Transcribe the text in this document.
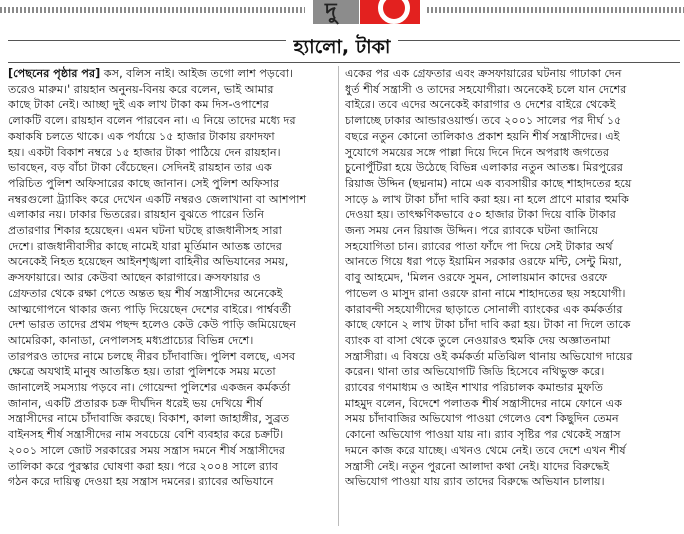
দু
হ্যালো, টাকা
[পেছনের পৃষ্ঠার পর] কস, বলিস নাই। আইজ তগো লাশ পড়বো।
তরেও মারুম।' রায়হান অনুনয়-বিনয় করে বলেন, ভাই আমার
কাছে টাকা নেই। আচ্ছা দুই এক লাখ টাকা কম দিস-ওপাশের
লোকটি বলে। রায়হান বলেন পারবেন না। এ নিয়ে তাদের মধ্যে দর
কষাকষি চলতে থাকে। এক পর্যায়ে ১৫ হাজার টাকায় রফাদফা
হয়। একটা বিকাশ নম্বরে ১৫ হাজার টাকা পাঠিয়ে দেন রায়হান।
ভাবছেন, বড় বাঁচা টাকা বেঁচেছেন। সেদিনই রায়হান তার এক
পরিচিত পুলিশ অফিসারের কাছে জানান। সেই পুলিশ অফিসার
নম্বরগুলো ট্র্যাকিং করে দেখেন একটি নম্বরও জেলাখানা বা আশপাশ
এলাকার নয়। ঢাকার ভিতরের। রায়হান বুঝতে পারেন তিনি
প্রতারণার শিকার হয়েছেন। এমন ঘটনা ঘটছে রাজধানীসহ সারা
দেশে। রাজধানীবাসীর কাছে নামেই যারা মূর্তিমান আতঙ্ক তাদের
অনেকেই নিহত হয়েছেন আইনশৃঙ্খলা বাহিনীর অভিযানের সময়,
ক্রসফায়ারে। আর কেউবা আছেন কারাগারে। ক্রসফায়ার ও
গ্রেফতার থেকে রক্ষা পেতে অন্তত ছয় শীর্ষ সন্ত্রাসীদের অনেকেই
আত্মগোপনে থাকার জন্য পাড়ি দিয়েছেন দেশের বাইরে। পার্শ্ববর্তী
দেশ ভারত তাদের প্রথম পছন্দ হলেও কেউ কেউ পাড়ি জমিয়েছেন
আমেরিকা, কানাডা, নেপালসহ মধ্যপ্রাচ্যের বিভিন্ন দেশে।
তারপরও তাদের নামে চলছে নীরব চাঁদাবাজি। পুলিশ বলছে, এসব
ক্ষেত্রে অযথাই মানুষ আতঙ্কিত হয়। তারা পুলিশকে সময় মতো
জানালেই সমস্যায় পড়বে না। গোয়েন্দা পুলিশের একজন কর্মকর্তা
জানান, একটি প্রতারক চক্র দীর্ঘদিন ধরেই ভয় দেখিয়ে শীর্ষ
সন্ত্রাসীদের নামে চাঁদাবাজি করছে। বিকাশ, কালা জাহাঙ্গীর, সুব্রত
বাইনসহ শীর্ষ সন্ত্রাসীদের নাম সবচেয়ে বেশি ব্যবহার করে চক্রটি।
২০০১ সালে জোট সরকারের সময় সন্ত্রাস দমনে শীর্ষ সন্ত্রাসীদের
তালিকা করে পুরস্কার ঘোষণা করা হয়। পরে ২০০৪ সালে র‍্যাব
গঠন করে দায়িত্ব দেওয়া হয় সন্ত্রাস দমনের। র‍্যাবের অভিযানে
একের পর এক গ্রেফতার এবং ক্রসফায়ারের ঘটনায় গাঢাকা দেন
ধুর্ত শীর্ষ সন্ত্রাসী ও তাদের সহযোগীরা। অনেকেই চলে যান দেশের
বাইরে। তবে এদের অনেকেই কারাগার ও দেশের বাইরে থেকেই
চালাচ্ছে ঢাকার আন্ডারওয়ার্ল্ড। তবে ২০০১ সালের পর দীর্ঘ ১৫
বছরে নতুন কোনো তালিকাও প্রকাশ হয়নি শীর্ষ সন্ত্রাসীদের। এই
সুযোগে সময়ের সঙ্গে পাল্লা দিয়ে দিনে দিনে অপরাধ জগতের
চুনোপুঁটিরা হয়ে উঠেছে বিভিন্ন এলাকার নতুন আতঙ্ক। মিরপুরের
রিয়াজ উদ্দিন (ছদ্মনাম) নামে এক ব্যবসায়ীর কাছে শাহাদতের হয়ে
সাড়ে ৯ লাখ টাকা চাঁদা দাবি করা হয়। না হলে প্রাণে মারার হুমকি
দেওয়া হয়। তাৎক্ষণিকভাবে ৫০ হাজার টাকা দিয়ে বাকি টাকার
জন্য সময় নেন রিয়াজ উদ্দিন। পরে র‍্যাবকে ঘটনা জানিয়ে
সহযোগিতা চান। র‍্যাবের পাতা ফাঁদে পা দিয়ে সেই টাকার অর্থ
আনতে গিয়ে ধরা পড়ে ইয়ামিন সরকার ওরফে মন্টি, সেন্টু মিয়া,
বাবু আহমেদ, 'মিলন ওরফে সুমন, সোলায়মান কাদের ওরফে
পাভেল ও মাসুদ রানা ওরফে রানা নামে শাহাদতের ছয় সহযোগী।
কারাবন্দী সহযোগীদের ছাড়াতে সোনালী ব্যাংকের এক কর্মকর্তার
কাছে ফোনে ২ লাখ টাকা চাঁদা দাবি করা হয়। টাকা না দিলে তাকে
ব্যাংক বা বাসা থেকে তুলে নেওয়ারও হুমকি দেয় অজ্ঞাতনামা
সন্ত্রাসীরা। এ বিষয়ে ওই কর্মকর্তা মতিঝিল থানায় অভিযোগ দায়ের
করেন। থানা তার অভিযোগটি জিডি হিসেবে নথিভুক্ত করে।
র‍্যাবের গণমাধ্যম ও আইন শাখার পরিচালক কমান্ডার মুফতি
মাহমুদ বলেন, বিদেশে পলাতক শীর্ষ সন্ত্রাসীদের নামে ফোনে এক
সময় চাঁদাবাজির অভিযোগ পাওয়া গেলেও বেশ কিছুদিন তেমন
কোনো অভিযোগ পাওয়া যায় না। র‍্যাব সৃষ্টির পর থেকেই সন্ত্রাস
দমনে কাজ করে যাচ্ছে। এখনও থেমে নেই। তবে দেশে এখন শীর্ষ
সন্ত্রাসী নেই। নতুন পুরনো আলাদা কথা নেই। যাদের বিরুদ্ধেই
অভিযোগ পাওয়া যায় র‍্যাব তাদের বিরুদ্ধে অভিযান চালায়।
